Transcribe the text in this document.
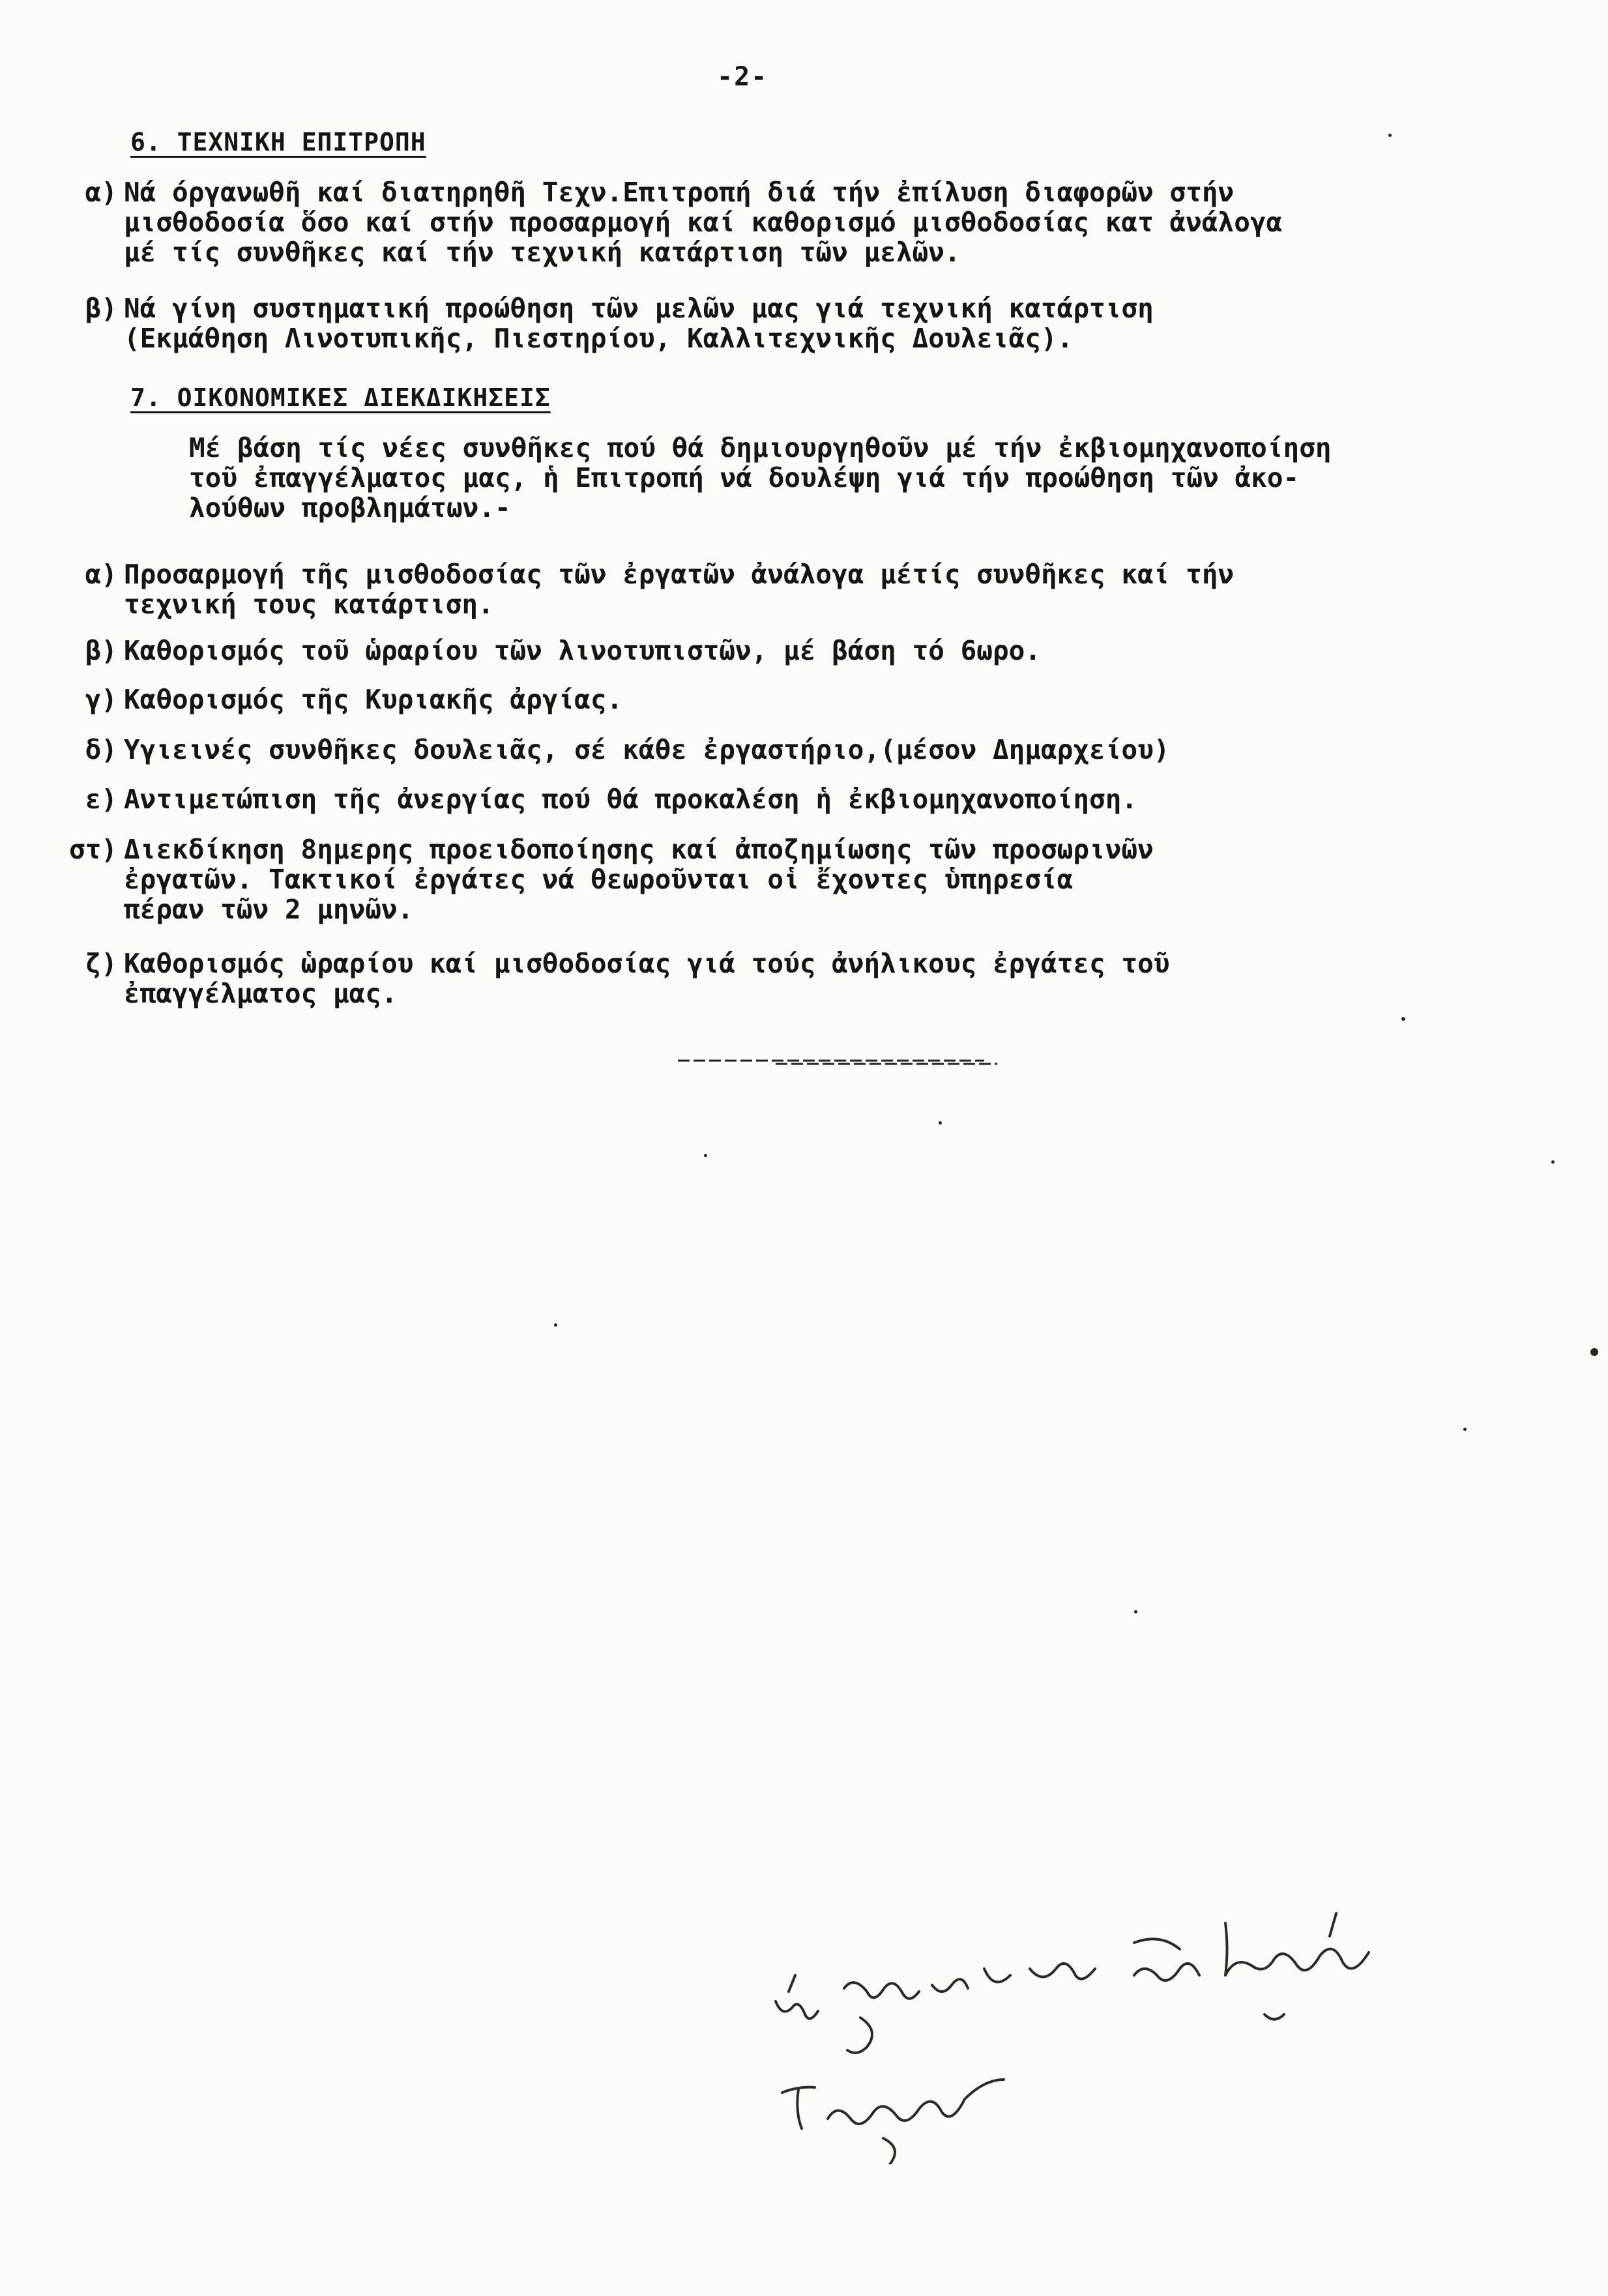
-2-
6. ΤΕΧΝΙΚΗ ΕΠΙΤΡΟΠΗ
α) Νά όργανωθῆ καί διατηρηθῆ Τεχν.Επιτροπή διά τήν ἐπίλυση διαφορῶν στήν
μισθοδοσία ὅσο καί στήν προσαρμογή καί καθορισμό μισθοδοσίας κατ ἀνάλογα
μέ τίς συνθῆκες καί τήν τεχνική κατάρτιση τῶν μελῶν.
β) Νά γίνη συστηματική προώθηση τῶν μελῶν μας γιά τεχνική κατάρτιση
(Εκμάθηση Λινοτυπικῆς, Πιεστηρίου, Καλλιτεχνικῆς Δουλειᾶς).
7. ΟΙΚΟΝΟΜΙΚΕΣ ΔΙΕΚΔΙΚΗΣΕΙΣ
Μέ βάση τίς νέες συνθῆκες πού θά δημιουργηθοῦν μέ τήν ἐκβιομηχανοποίηση
τοῦ ἐπαγγέλματος μας, ἡ Επιτροπή νά δουλέψη γιά τήν προώθηση τῶν ἀκο-
λούθων προβλημάτων.-
α) Προσαρμογή τῆς μισθοδοσίας τῶν ἐργατῶν ἀνάλογα μέτίς συνθῆκες καί τήν
τεχνική τους κατάρτιση.
β) Καθορισμός τοῦ ὡραρίου τῶν λινοτυπιστῶν, μέ βάση τό 6ωρο.
γ) Καθορισμός τῆς Κυριακῆς ἀργίας.
δ) Υγιεινές συνθῆκες δουλειᾶς, σέ κάθε ἐργαστήριο,(μέσον Δημαρχείου)
ε) Αντιμετώπιση τῆς ἀνεργίας πού θά προκαλέση ἡ ἐκβιομηχανοποίηση.
στ) Διεκδίκηση 8ημερης προειδοποίησης καί ἀποζημίωσης τῶν προσωρινῶν
ἐργατῶν. Τακτικοί ἐργάτες νά θεωροῦνται οἱ ἔχοντες ὑπηρεσία
πέραν τῶν 2 μηνῶν.
ζ) Καθορισμός ὡραρίου καί μισθοδοσίας γιά τούς ἀνήλικους ἐργάτες τοῦ
ἐπαγγέλματος μας.
